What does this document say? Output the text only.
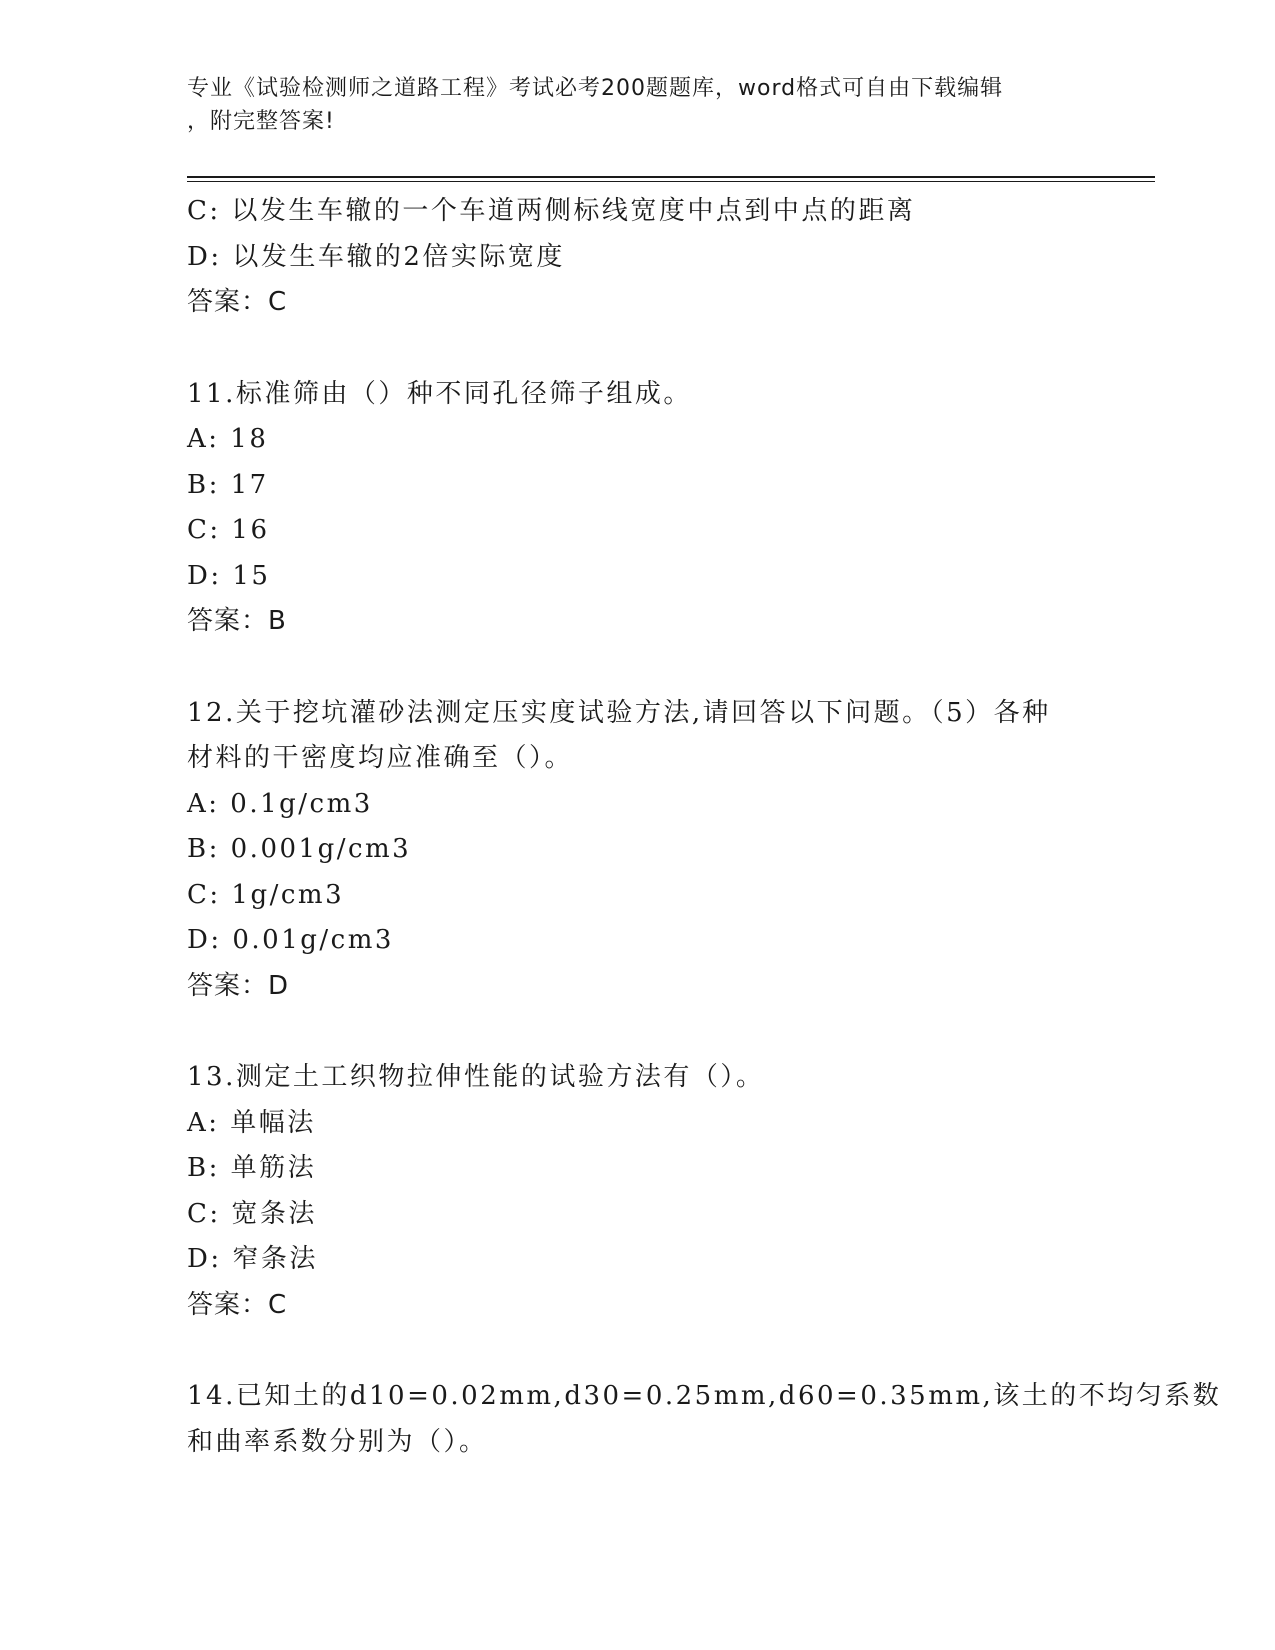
专业《试验检测师之道路工程》考试必考200题题库，word格式可自由下载编辑
，附完整答案!
C: 以发生车辙的一个车道两侧标线宽度中点到中点的距离
D: 以发生车辙的2倍实际宽度
答案：C
11.标准筛由（）种不同孔径筛子组成。
A: 18
B: 17
C: 16
D: 15
答案：B
12.关于挖坑灌砂法测定压实度试验方法,请回答以下问题。（5）各种
材料的干密度均应准确至（）。
A: 0.1g/cm3
B: 0.001g/cm3
C: 1g/cm3
D: 0.01g/cm3
答案：D
13.测定土工织物拉伸性能的试验方法有（）。
A: 单幅法
B: 单筋法
C: 宽条法
D: 窄条法
答案：C
14.已知土的d10=0.02mm,d30=0.25mm,d60=0.35mm,该土的不均匀系数
和曲率系数分别为（）。
